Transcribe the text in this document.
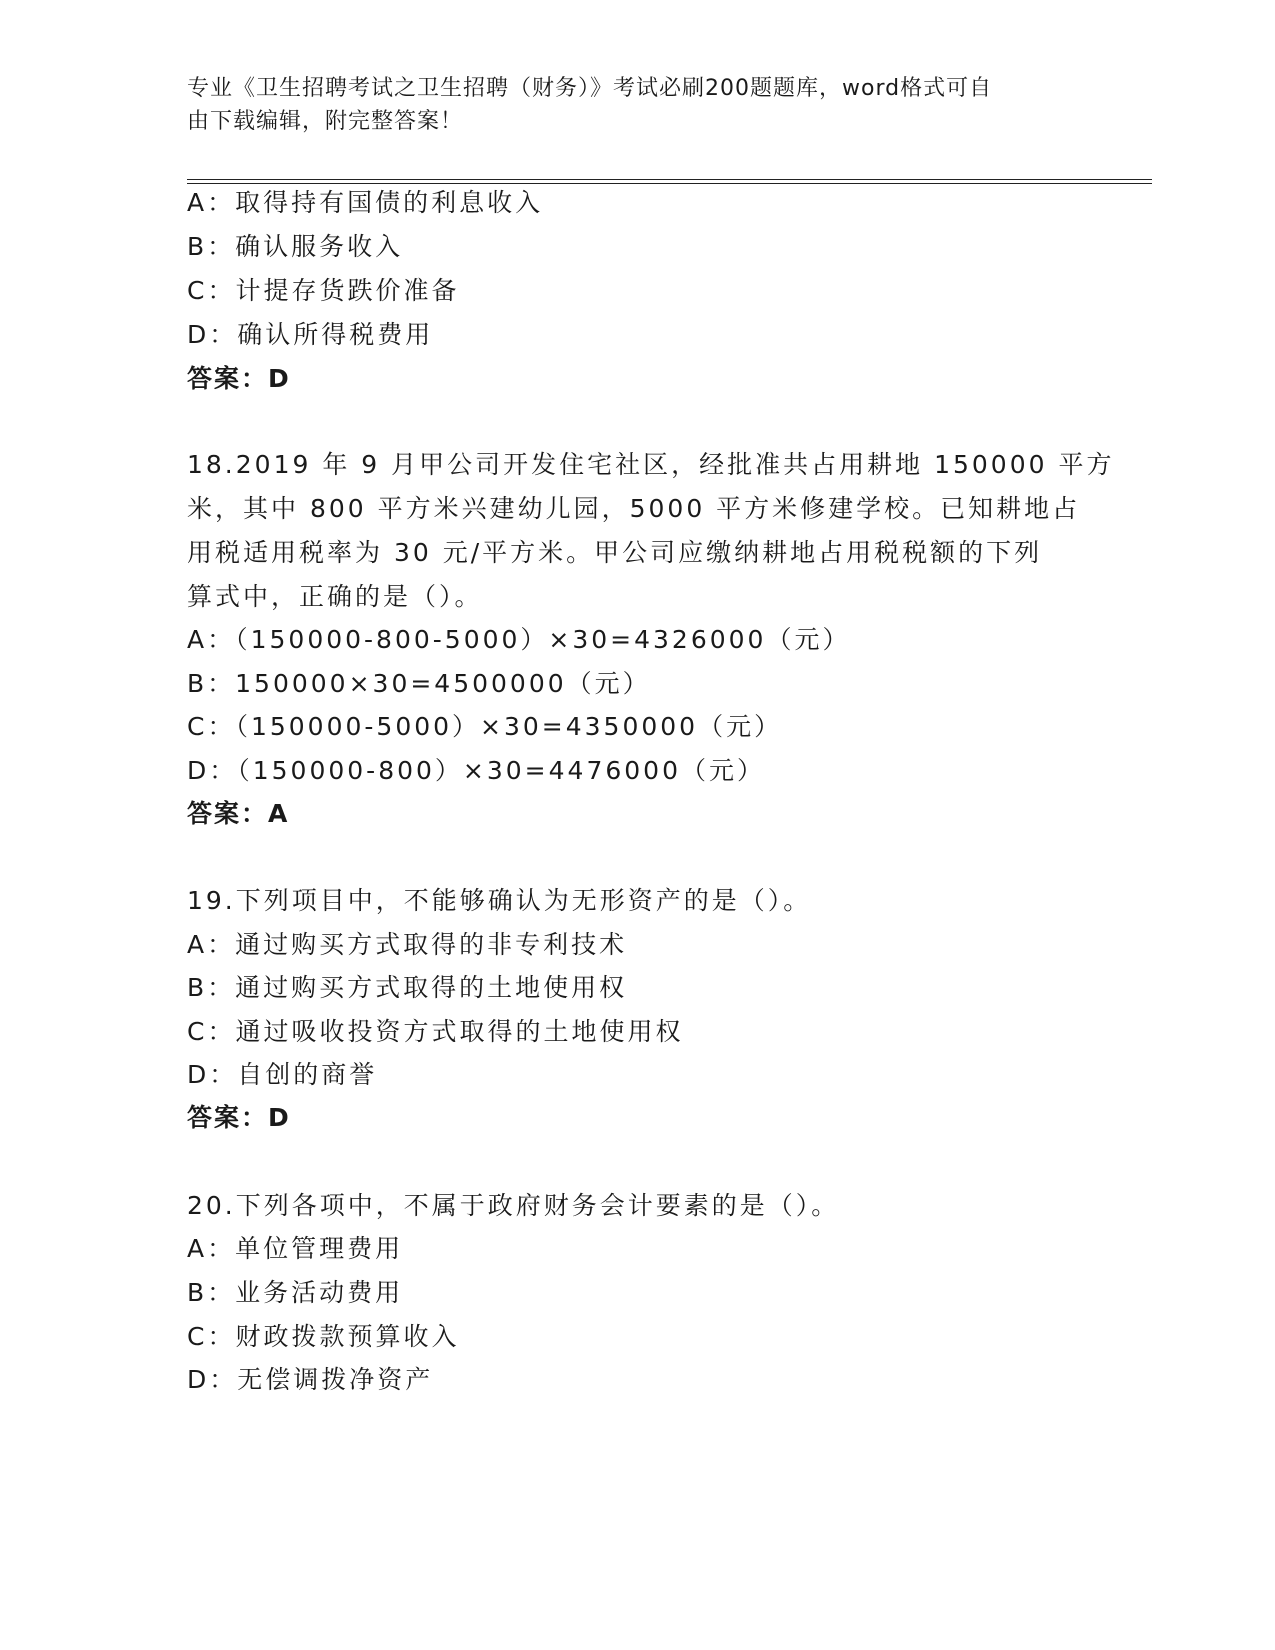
专业《卫生招聘考试之卫生招聘（财务）》考试必刷200题题库，word格式可自
由下载编辑，附完整答案！
A：取得持有国债的利息收入
B：确认服务收入
C：计提存货跌价准备
D：确认所得税费用
答案：D
18.2019 年 9 月甲公司开发住宅社区，经批准共占用耕地 150000 平方
米，其中 800 平方米兴建幼儿园，5000 平方米修建学校。已知耕地占
用税适用税率为 30 元/平方米。甲公司应缴纳耕地占用税税额的下列
算式中，正确的是（）。
A：（150000-800-5000）×30=4326000（元）
B：150000×30=4500000（元）
C：（150000-5000）×30=4350000（元）
D：（150000-800）×30=4476000（元）
答案：A
19.下列项目中，不能够确认为无形资产的是（）。
A：通过购买方式取得的非专利技术
B：通过购买方式取得的土地使用权
C：通过吸收投资方式取得的土地使用权
D：自创的商誉
答案：D
20.下列各项中，不属于政府财务会计要素的是（）。
A：单位管理费用
B：业务活动费用
C：财政拨款预算收入
D：无偿调拨净资产
